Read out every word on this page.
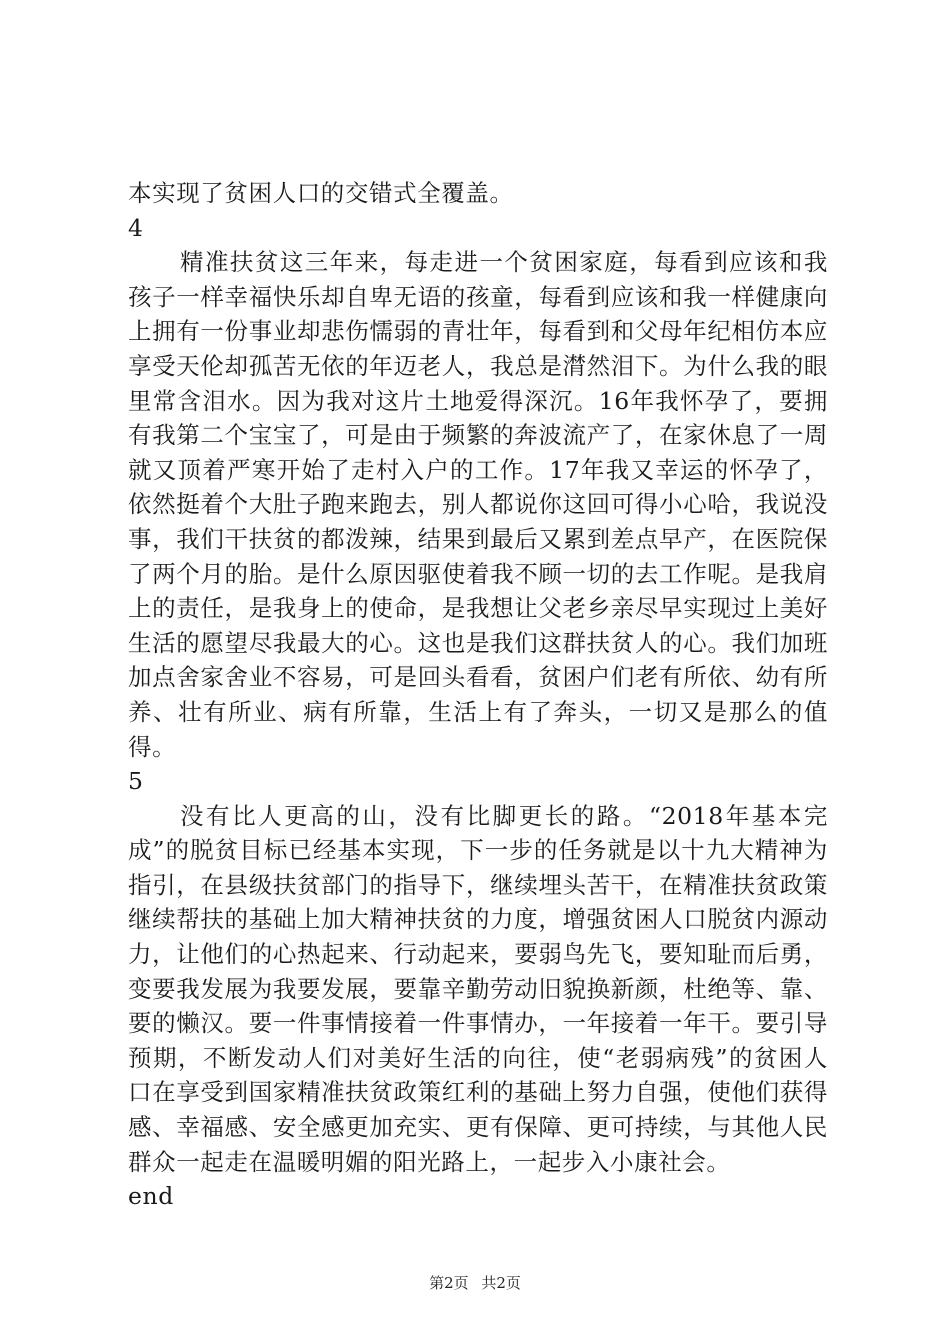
本实现了贫困人口的交错式全覆盖。

4

精准扶贫这三年来，每走进一个贫困家庭，每看到应该和我孩子一样幸福快乐却自卑无语的孩童，每看到应该和我一样健康向上拥有一份事业却悲伤懦弱的青壮年，每看到和父母年纪相仿本应享受天伦却孤苦无依的年迈老人，我总是潸然泪下。为什么我的眼里常含泪水。因为我对这片土地爱得深沉。16年我怀孕了，要拥有我第二个宝宝了，可是由于频繁的奔波流产了，在家休息了一周就又顶着严寒开始了走村入户的工作。17年我又幸运的怀孕了，依然挺着个大肚子跑来跑去，别人都说你这回可得小心哈，我说没事，我们干扶贫的都泼辣，结果到最后又累到差点早产，在医院保了两个月的胎。是什么原因驱使着我不顾一切的去工作呢。是我肩上的责任，是我身上的使命，是我想让父老乡亲尽早实现过上美好生活的愿望尽我最大的心。这也是我们这群扶贫人的心。我们加班加点舍家舍业不容易，可是回头看看，贫困户们老有所依、幼有所养、壮有所业、病有所靠，生活上有了奔头，一切又是那么的值得。

5

没有比人更高的山，没有比脚更长的路。“2018年基本完成”的脱贫目标已经基本实现，下一步的任务就是以十九大精神为指引，在县级扶贫部门的指导下，继续埋头苦干，在精准扶贫政策继续帮扶的基础上加大精神扶贫的力度，增强贫困人口脱贫内源动力，让他们的心热起来、行动起来，要弱鸟先飞，要知耻而后勇，变要我发展为我要发展，要靠辛勤劳动旧貌换新颜，杜绝等、靠、要的懒汉。要一件事情接着一件事情办，一年接着一年干。要引导预期，不断发动人们对美好生活的向往，使“老弱病残”的贫困人口在享受到国家精准扶贫政策红利的基础上努力自强，使他们获得感、幸福感、安全感更加充实、更有保障、更可持续，与其他人民群众一起走在温暖明媚的阳光路上，一起步入小康社会。

end

第2页 共2页
